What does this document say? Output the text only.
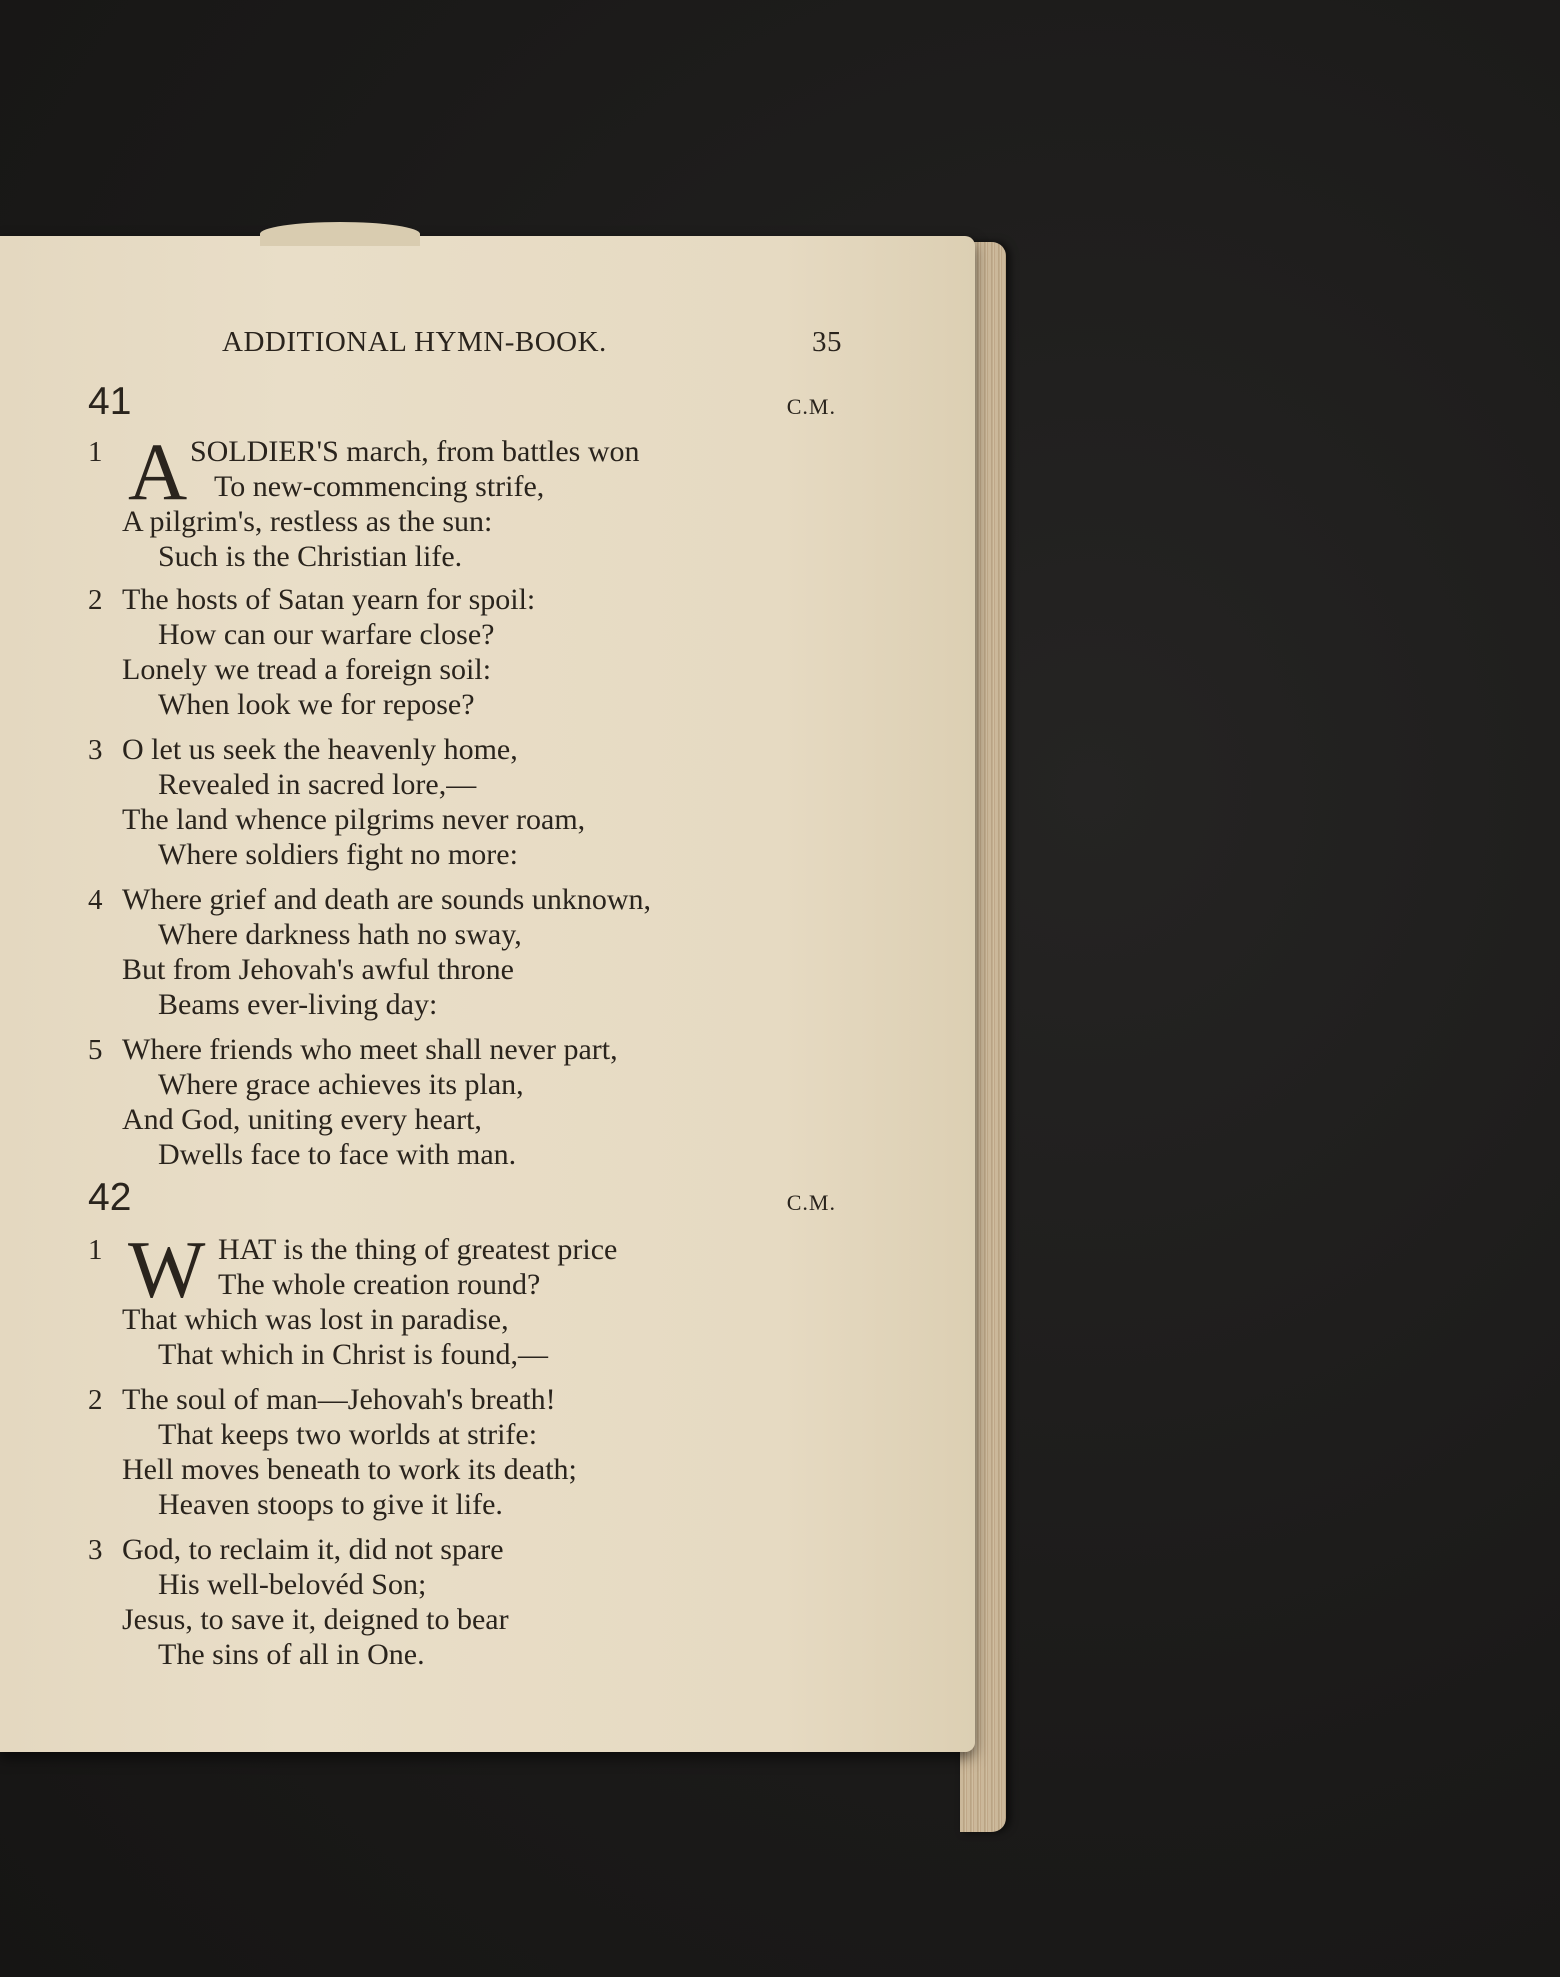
ADDITIONAL HYMN-BOOK.	35
41	C.M.
1 A SOLDIER'S march, from battles won
To new-commencing strife,
A pilgrim's, restless as the sun:
Such is the Christian life.
2 The hosts of Satan yearn for spoil:
How can our warfare close?
Lonely we tread a foreign soil:
When look we for repose?
3 O let us seek the heavenly home,
Revealed in sacred lore,—
The land whence pilgrims never roam,
Where soldiers fight no more:
4 Where grief and death are sounds unknown,
Where darkness hath no sway,
But from Jehovah's awful throne
Beams ever-living day:
5 Where friends who meet shall never part,
Where grace achieves its plan,
And God, uniting every heart,
Dwells face to face with man.
42	C.M.
1 W HAT is the thing of greatest price
The whole creation round?
That which was lost in paradise,
That which in Christ is found,—
2 The soul of man—Jehovah's breath!
That keeps two worlds at strife:
Hell moves beneath to work its death;
Heaven stoops to give it life.
3 God, to reclaim it, did not spare
His well-belovéd Son;
Jesus, to save it, deigned to bear
The sins of all in One.
